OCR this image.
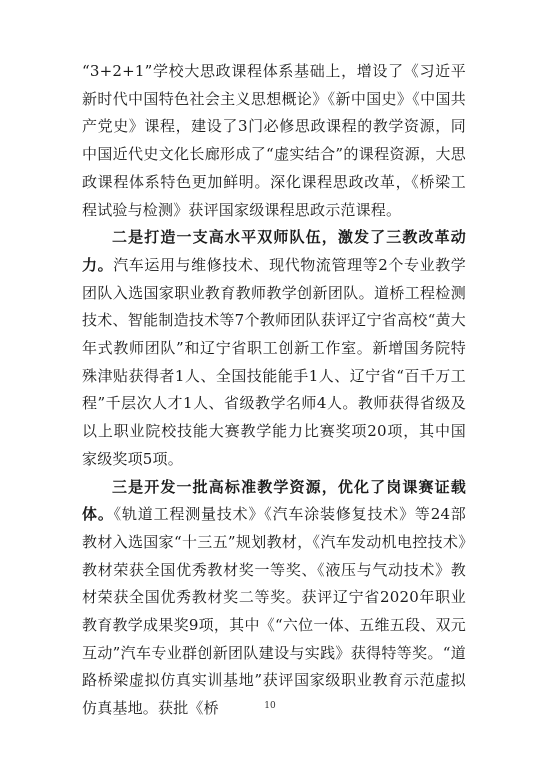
“3+2+1”学校大思政课程体系基础上，增设了《习近平新时代中国特色社会主义思想概论》《新中国史》《中国共产党史》课程，建设了3门必修思政课程的教学资源，同中国近代史文化长廊形成了“虚实结合”的课程资源，大思政课程体系特色更加鲜明。深化课程思政改革，《桥梁工程试验与检测》获评国家级课程思政示范课程。

二是打造一支高水平双师队伍，激发了三教改革动力。汽车运用与维修技术、现代物流管理等2个专业教学团队入选国家职业教育教师教学创新团队。道桥工程检测技术、智能制造技术等7个教师团队获评辽宁省高校“黄大年式教师团队”和辽宁省职工创新工作室。新增国务院特殊津贴获得者1人、全国技能能手1人、辽宁省“百千万工程”千层次人才1人、省级教学名师4人。教师获得省级及以上职业院校技能大赛教学能力比赛奖项20项，其中国家级奖项5项。

三是开发一批高标准教学资源，优化了岗课赛证载体。《轨道工程测量技术》《汽车涂装修复技术》等24部教材入选国家“十三五”规划教材，《汽车发动机电控技术》教材荣获全国优秀教材奖一等奖、《液压与气动技术》教材荣获全国优秀教材奖二等奖。获评辽宁省2020年职业教育教学成果奖9项，其中《“六位一体、五维五段、双元互动”汽车专业群创新团队建设与实践》获得特等奖。“道路桥梁虚拟仿真实训基地”获评国家级职业教育示范虚拟仿真基地。获批《桥	10
